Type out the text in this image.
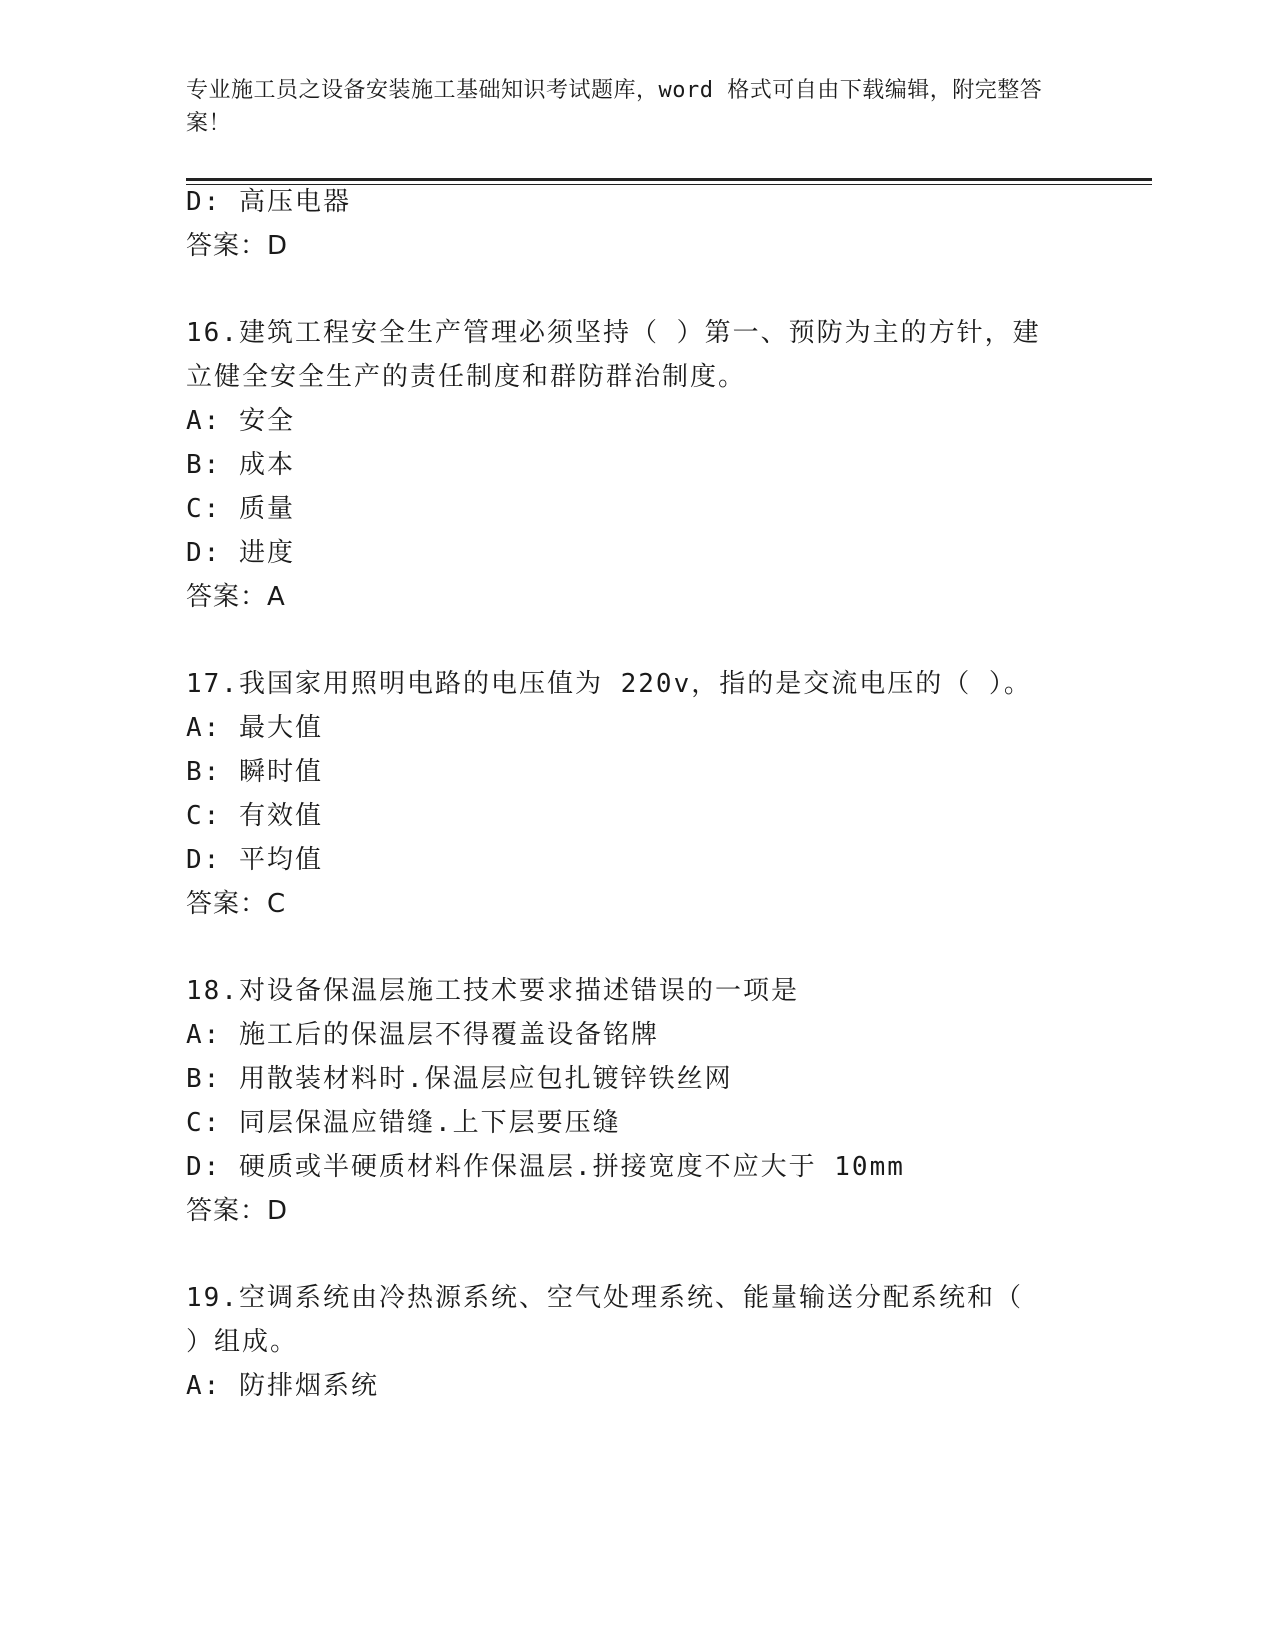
专业施工员之设备安装施工基础知识考试题库，word 格式可自由下载编辑，附完整答案！
D: 高压电器
答案：D
16.建筑工程安全生产管理必须坚持（ ）第一、预防为主的方针，建
立健全安全生产的责任制度和群防群治制度。
A: 安全
B: 成本
C: 质量
D: 进度
答案：A
17.我国家用照明电路的电压值为 220v，指的是交流电压的（ ）。
A: 最大值
B: 瞬时值
C: 有效值
D: 平均值
答案：C
18.对设备保温层施工技术要求描述错误的一项是
A: 施工后的保温层不得覆盖设备铭牌
B: 用散装材料时.保温层应包扎镀锌铁丝网
C: 同层保温应错缝.上下层要压缝
D: 硬质或半硬质材料作保温层.拼接宽度不应大于 10mm
答案：D
19.空调系统由冷热源系统、空气处理系统、能量输送分配系统和（
）组成。
A: 防排烟系统
